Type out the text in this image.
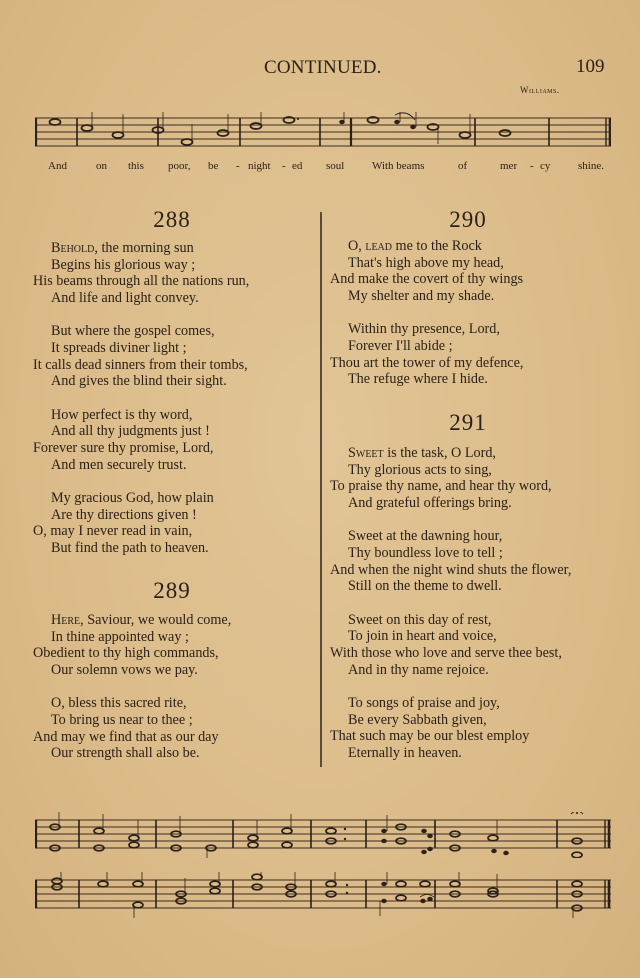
CONTINUED.	109
Williams.
And	on this poor, be - night - ed soul	With beams	of	mer - cy	shine.
288
Behold, the morning sun
Begins his glorious way ;
His beams through all the nations run,
And life and light convey.
But where the gospel comes,
It spreads diviner light ;
It calls dead sinners from their tombs,
And gives the blind their sight.
How perfect is thy word,
And all thy judgments just !
Forever sure thy promise, Lord,
And men securely trust.
My gracious God, how plain
Are thy directions given !
O, may I never read in vain,
But find the path to heaven.
289
Here, Saviour, we would come,
In thine appointed way ;
Obedient to thy high commands,
Our solemn vows we pay.
O, bless this sacred rite,
To bring us near to thee ;
And may we find that as our day
Our strength shall also be.
290
O, lead me to the Rock
That's high above my head,
And make the covert of thy wings
My shelter and my shade.
Within thy presence, Lord,
Forever I'll abide ;
Thou art the tower of my defence,
The refuge where I hide.
291
Sweet is the task, O Lord,
Thy glorious acts to sing,
To praise thy name, and hear thy word,
And grateful offerings bring.
Sweet at the dawning hour,
Thy boundless love to tell ;
And when the night wind shuts the flower,
Still on the theme to dwell.
Sweet on this day of rest,
To join in heart and voice,
With those who love and serve thee best,
And in thy name rejoice.
To songs of praise and joy,
Be every Sabbath given,
That such may be our blest employ
Eternally in heaven.
